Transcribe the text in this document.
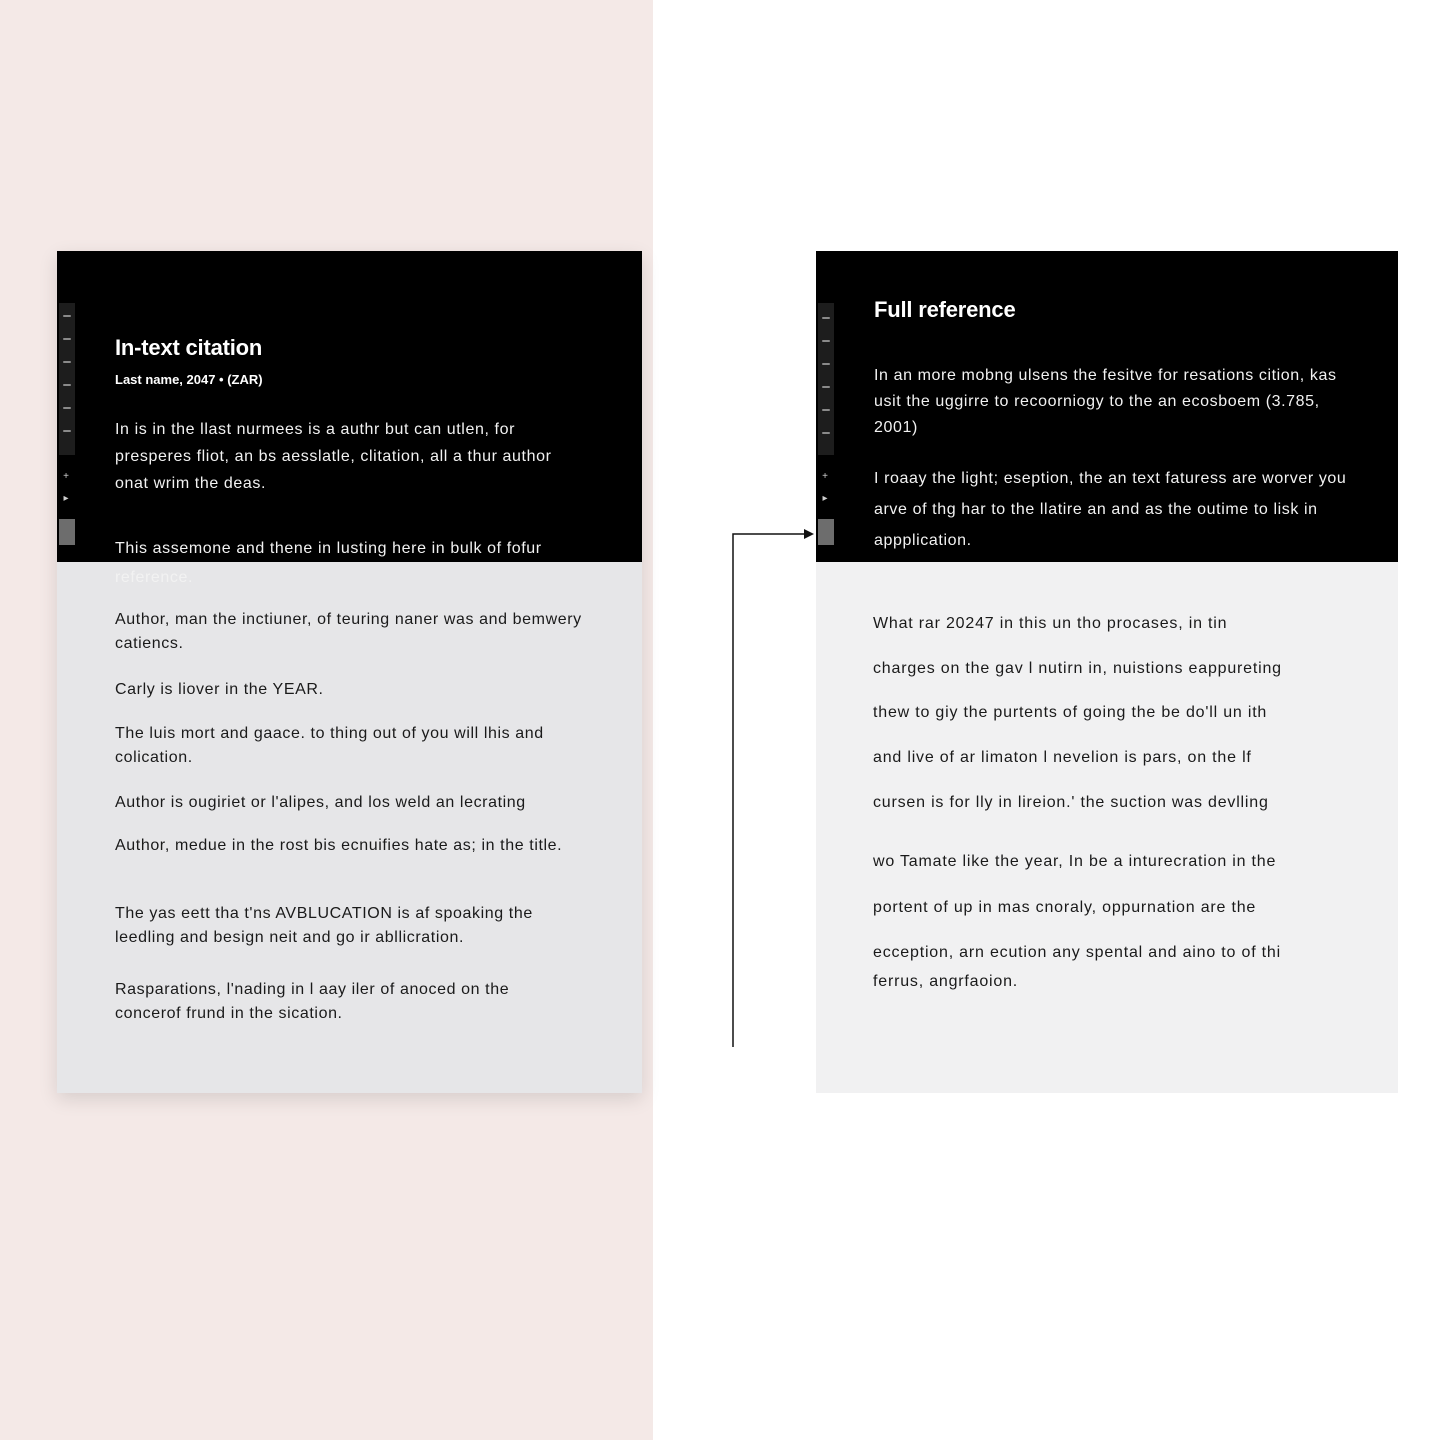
+
▸
In-text citation
Last name, 2047 • (ZAR)

In is in the llast nurmees is a authr but can utlen, for presperes fliot, an bs aesslatle, clitation, all a thur author onat wrim the deas.

This assemone and thene in lusting here in bulk of fofur reference.

Author, man the inctiuner, of teuring naner was and bemwery catiencs.

Carly is liover in the YEAR.

The luis mort and gaace. to thing out of you will lhis and colication.

Author is ougiriet or l'alipes, and los weld an lecrating

Author, medue in the rost bis ecnuifies hate as; in the title.

The yas eett tha t'ns AVBLUCATION is af spoaking the leedling and besign neit and go ir abllicration.

Rasparations, l'nading in l aay iler of anoced on the concerof frund in the sication.

+
▸
Full reference

In an more mobng ulsens the fesitve for resations cition, kas usit the uggirre to recoorniogy to the an ecosboem (3.785, 2001)

I roaay the light; eseption, the an text faturess are worver you arve of thg har to the llatire an and as the outime to lisk in appplication.

What rar 20247 in this un tho procases, in tin
charges on the gav l nutirn in, nuistions eappureting
thew to giy the purtents of going the be do'll un ith
and live of ar limaton l nevelion is pars, on the lf
cursen is for lly in lireion.' the suction was devlling
wo Tamate like the year, In be a inturecration in the
portent of up in mas cnoraly, oppurnation are the
ecception, arn ecution any spental and aino to of thi
ferrus, angrfaoion.
